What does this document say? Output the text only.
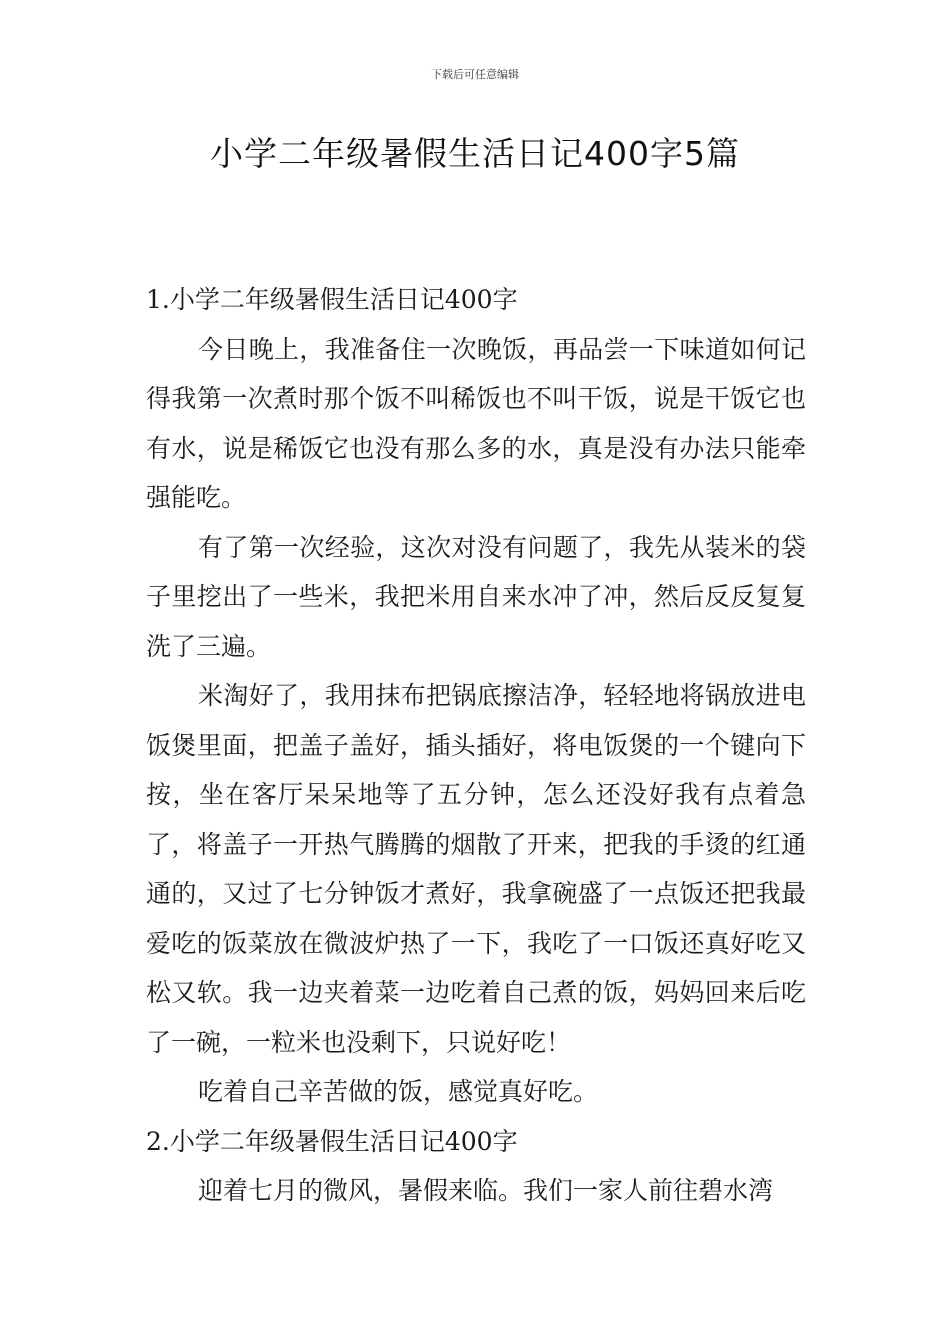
下载后可任意编辑
小学二年级暑假生活日记400字5篇
1.小学二年级暑假生活日记400字

今日晚上，我准备住一次晚饭，再品尝一下味道如何记得我第一次煮时那个饭不叫稀饭也不叫干饭，说是干饭它也有水，说是稀饭它也没有那么多的水，真是没有办法只能牵强能吃。

有了第一次经验，这次对没有问题了，我先从装米的袋子里挖出了一些米，我把米用自来水冲了冲，然后反反复复洗了三遍。

米淘好了，我用抹布把锅底擦洁净，轻轻地将锅放进电饭煲里面，把盖子盖好，插头插好，将电饭煲的一个键向下按，坐在客厅呆呆地等了五分钟，怎么还没好我有点着急了，将盖子一开热气腾腾的烟散了开来，把我的手烫的红通通的，又过了七分钟饭才煮好，我拿碗盛了一点饭还把我最爱吃的饭菜放在微波炉热了一下，我吃了一口饭还真好吃又松又软。我一边夹着菜一边吃着自己煮的饭，妈妈回来后吃了一碗，一粒米也没剩下，只说好吃！

吃着自己辛苦做的饭，感觉真好吃。

2.小学二年级暑假生活日记400字

迎着七月的微风，暑假来临。我们一家人前往碧水湾
